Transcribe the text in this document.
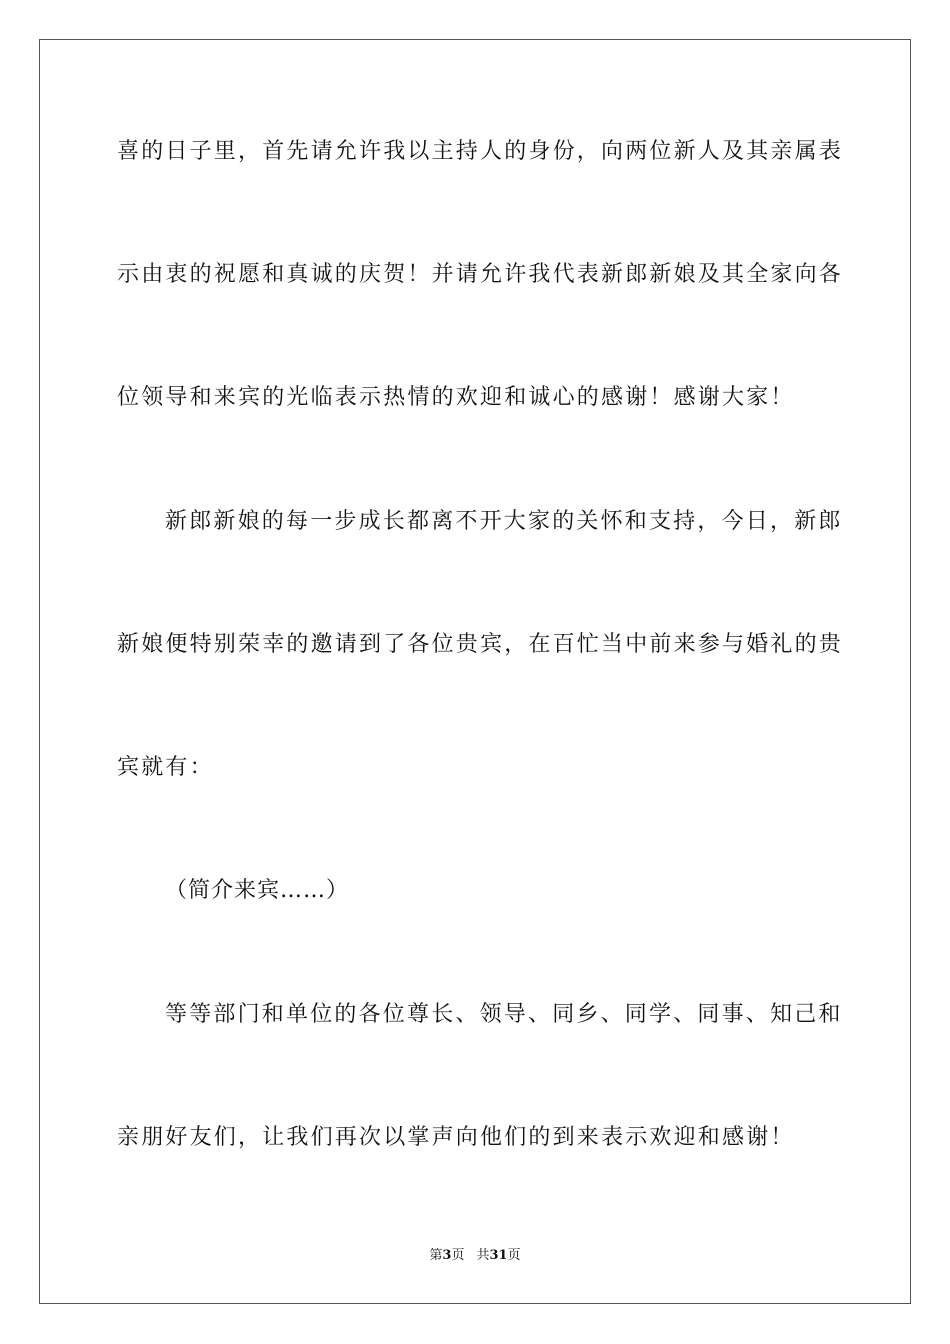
喜的日子里，首先请允许我以主持人的身份，向两位新人及其亲属表
示由衷的祝愿和真诚的庆贺！并请允许我代表新郎新娘及其全家向各
位领导和来宾的光临表示热情的欢迎和诚心的感谢！感谢大家！
新郎新娘的每一步成长都离不开大家的关怀和支持，今日，新郎
新娘便特别荣幸的邀请到了各位贵宾，在百忙当中前来参与婚礼的贵
宾就有：
（简介来宾……）
等等部门和单位的各位尊长、领导、同乡、同学、同事、知己和
亲朋好友们，让我们再次以掌声向他们的到来表示欢迎和感谢！
第3页 共31页
